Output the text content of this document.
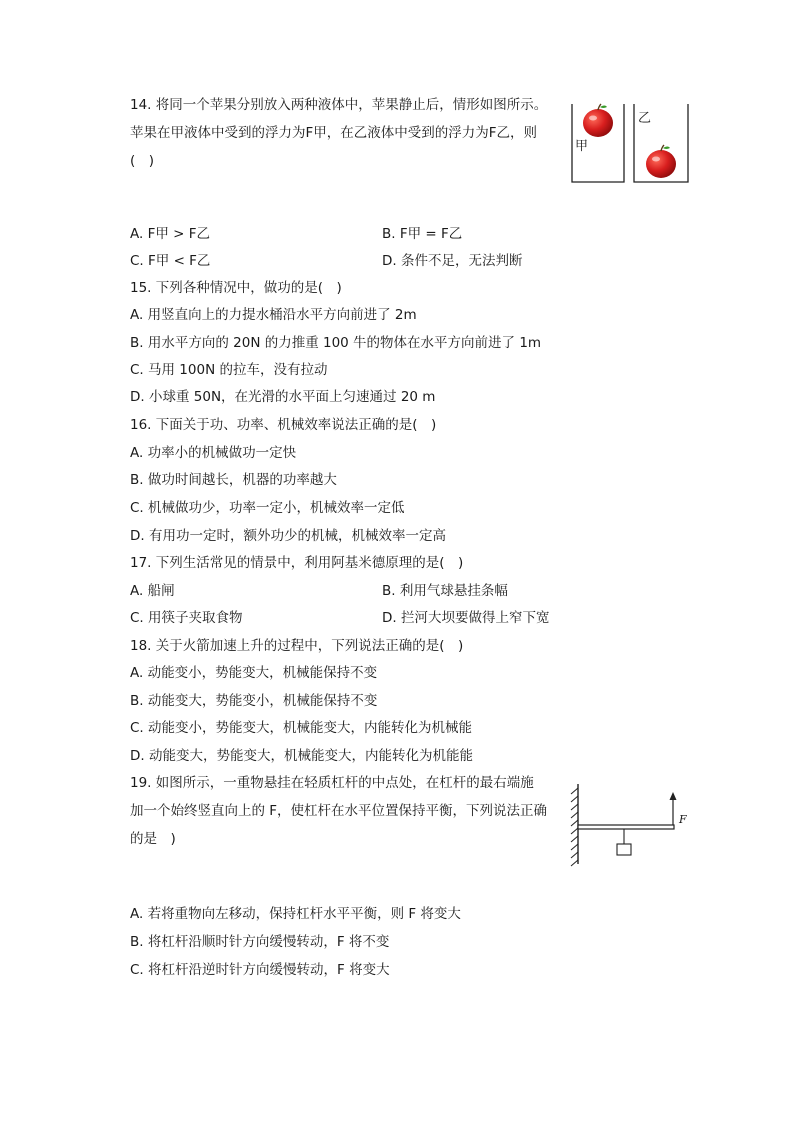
14. 将同一个苹果分别放入两种液体中，苹果静止后，情形如图所示。
苹果在甲液体中受到的浮力为F甲，在乙液体中受到的浮力为F乙，则
(　)
甲
乙
A. F甲 > F乙	B. F甲 = F乙
C. F甲 < F乙	D. 条件不足，无法判断
15. 下列各种情况中，做功的是(　)
A. 用竖直向上的力提水桶沿水平方向前进了 2m
B. 用水平方向的 20N 的力推重 100 牛的物体在水平方向前进了 1m
C. 马用 100N 的拉车，没有拉动
D. 小球重 50N，在光滑的水平面上匀速通过 20 m
16. 下面关于功、功率、机械效率说法正确的是(　)
A. 功率小的机械做功一定快
B. 做功时间越长，机器的功率越大
C. 机械做功少，功率一定小，机械效率一定低
D. 有用功一定时，额外功少的机械，机械效率一定高
17. 下列生活常见的情景中，利用阿基米德原理的是(　)
A. 船闸	B. 利用气球悬挂条幅
C. 用筷子夹取食物	D. 拦河大坝要做得上窄下宽
18. 关于火箭加速上升的过程中，下列说法正确的是(　)
A. 动能变小，势能变大，机械能保持不变
B. 动能变大，势能变小，机械能保持不变
C. 动能变小，势能变大，机械能变大，内能转化为机械能
D. 动能变大，势能变大，机械能变大，内能转化为机能能
19. 如图所示，一重物悬挂在轻质杠杆的中点处，在杠杆的最右端施
加一个始终竖直向上的 F，使杠杆在水平位置保持平衡，下列说法正确
的是　)
F
A. 若将重物向左移动，保持杠杆水平平衡，则 F 将变大
B. 将杠杆沿顺时针方向缓慢转动，F 将不变
C. 将杠杆沿逆时针方向缓慢转动，F 将变大
